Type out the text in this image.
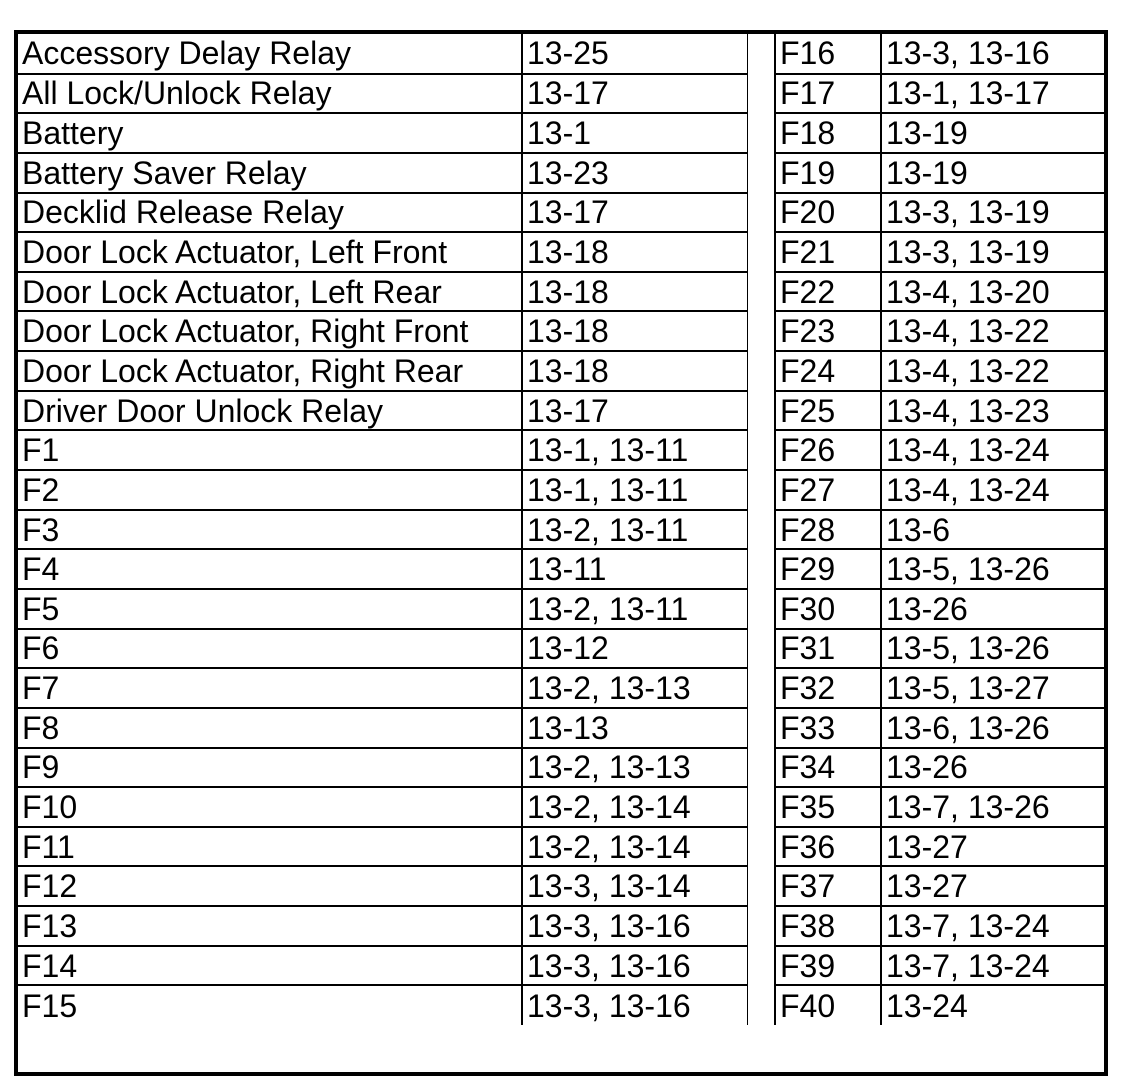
Accessory Delay Relay	13-25
All Lock/Unlock Relay	13-17
Battery	13-1
Battery Saver Relay	13-23
Decklid Release Relay	13-17
Door Lock Actuator, Left Front	13-18
Door Lock Actuator, Left Rear	13-18
Door Lock Actuator, Right Front	13-18
Door Lock Actuator, Right Rear	13-18
Driver Door Unlock Relay	13-17
F1	13-1, 13-11
F2	13-1, 13-11
F3	13-2, 13-11
F4	13-11
F5	13-2, 13-11
F6	13-12
F7	13-2, 13-13
F8	13-13
F9	13-2, 13-13
F10	13-2, 13-14
F11	13-2, 13-14
F12	13-3, 13-14
F13	13-3, 13-16
F14	13-3, 13-16
F15	13-3, 13-16
F16	13-3, 13-16
F17	13-1, 13-17
F18	13-19
F19	13-19
F20	13-3, 13-19
F21	13-3, 13-19
F22	13-4, 13-20
F23	13-4, 13-22
F24	13-4, 13-22
F25	13-4, 13-23
F26	13-4, 13-24
F27	13-4, 13-24
F28	13-6
F29	13-5, 13-26
F30	13-26
F31	13-5, 13-26
F32	13-5, 13-27
F33	13-6, 13-26
F34	13-26
F35	13-7, 13-26
F36	13-27
F37	13-27
F38	13-7, 13-24
F39	13-7, 13-24
F40	13-24
